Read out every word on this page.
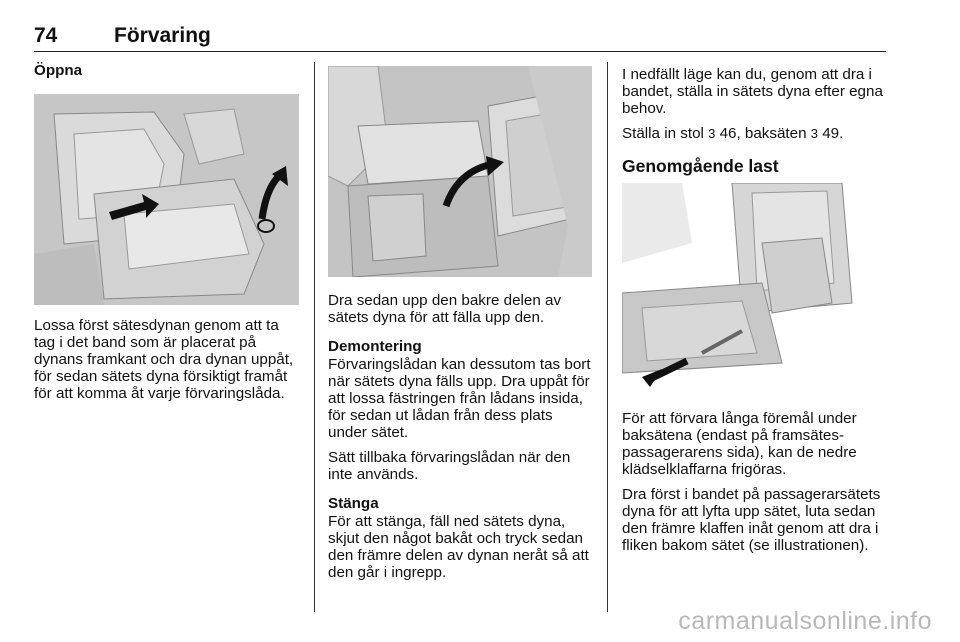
74	Förvaring

Öppna

Lossa först sätesdynan genom att ta tag i det band som är placerat på dynans framkant och dra dynan uppåt, för sedan sätets dyna försiktigt framåt för att komma åt varje förvaringslåda.

Dra sedan upp den bakre delen av sätets dyna för att fälla upp den.

Demontering

Förvaringslådan kan dessutom tas bort när sätets dyna fälls upp. Dra uppåt för att lossa fästringen från lådans insida, för sedan ut lådan från dess plats under sätet.

Sätt tillbaka förvaringslådan när den inte används.

Stänga

För att stänga, fäll ned sätets dyna, skjut den något bakåt och tryck sedan den främre delen av dynan neråt så att den går i ingrepp.

I nedfällt läge kan du, genom att dra i bandet, ställa in sätets dyna efter egna behov.

Ställa in stol 3 46, baksäten 3 49.

Genomgående last

För att förvara långa föremål under baksätena (endast på framsätespassagerarens sida), kan de nedre klädselklaffarna frigöras.

Dra först i bandet på passagerarsätets dyna för att lyfta upp sätet, luta sedan den främre klaffen inåt genom att dra i fliken bakom sätet (se illustrationen).

carmanualsonline.info
